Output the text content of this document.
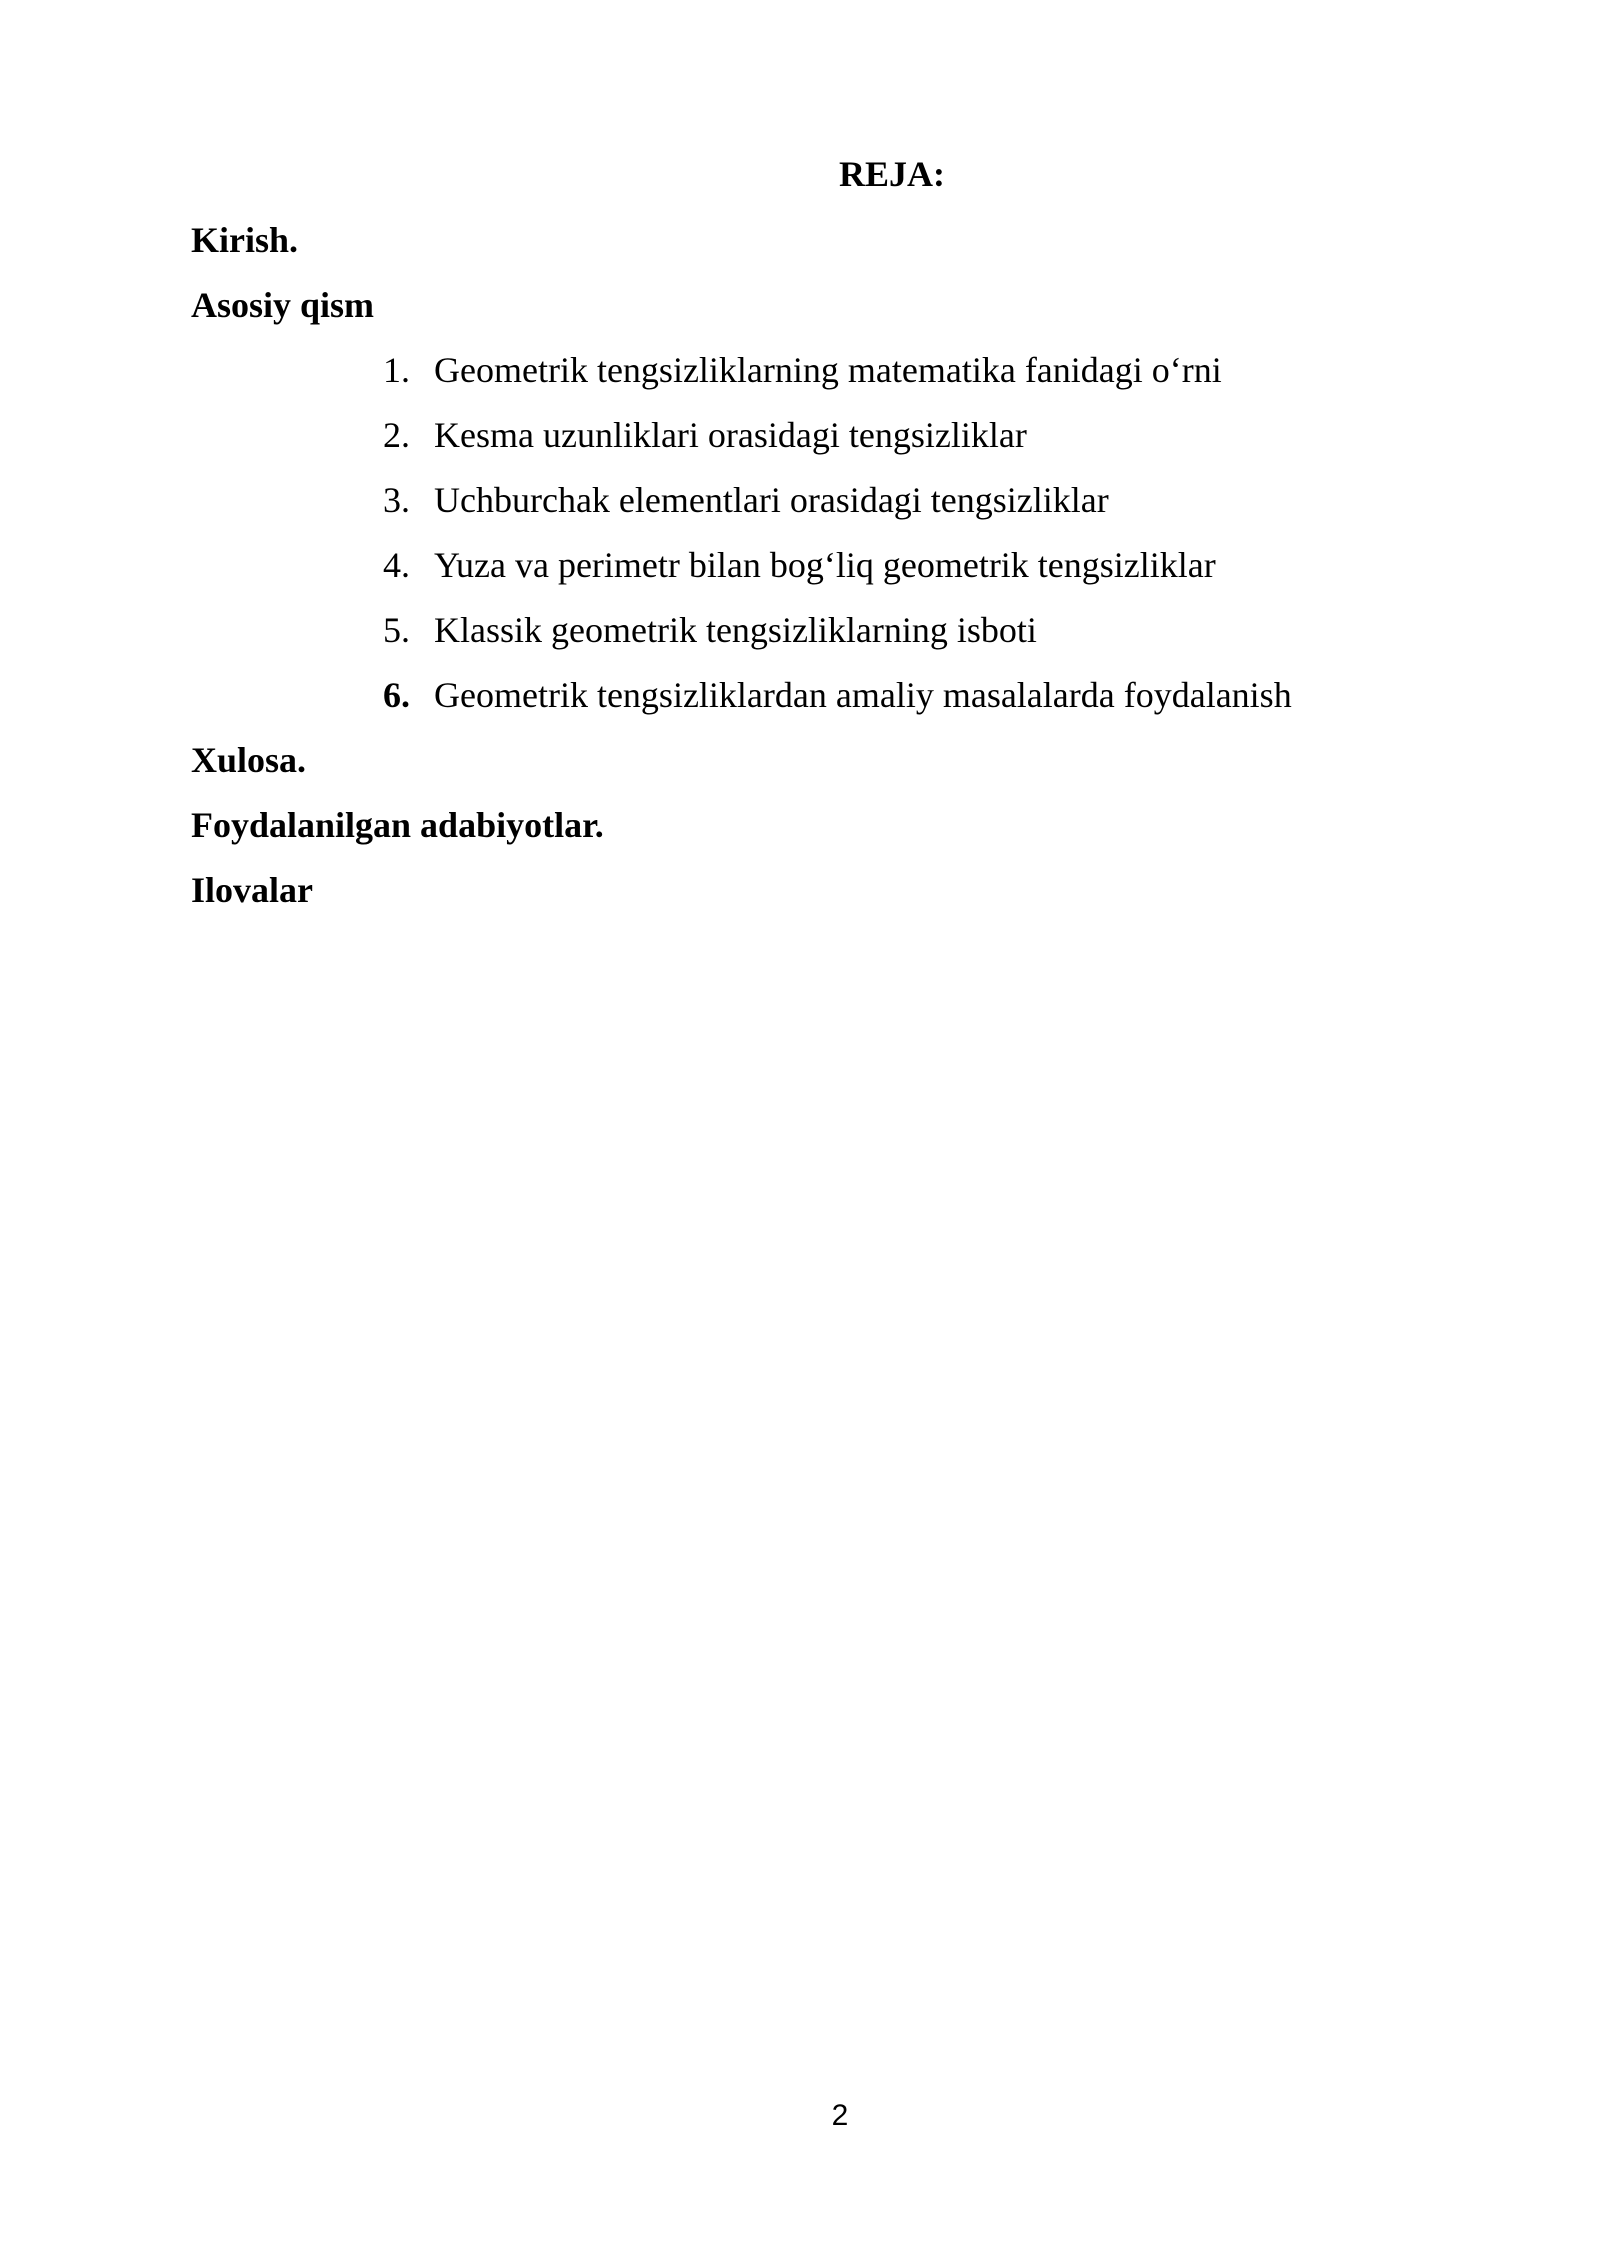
REJA:
Kirish.
Asosiy qism
1. Geometrik tengsizliklarning matematika fanidagi o‘rni
2. Kesma uzunliklari orasidagi tengsizliklar
3. Uchburchak elementlari orasidagi tengsizliklar
4. Yuza va perimetr bilan bog‘liq geometrik tengsizliklar
5. Klassik geometrik tengsizliklarning isboti
6. Geometrik tengsizliklardan amaliy masalalarda foydalanish
Xulosa.
Foydalanilgan adabiyotlar.
Ilovalar
2
